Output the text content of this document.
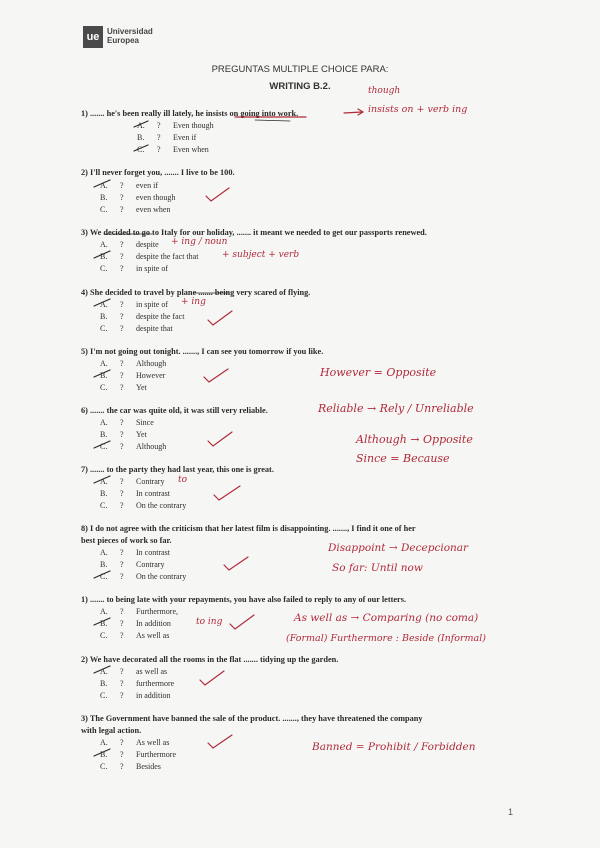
ue Universidad
Europea
PREGUNTAS MULTIPLE CHOICE PARA:
WRITING B.2.
1) ....... he's been really ill lately, he insists on going into work.
A.	? Even though
B.	? Even if
C.	? Even when
2) I'll never forget you, ....... I live to be 100.
A.	? even if
B.	? even though
C.	? even when
3) We decided to go to Italy for our holiday, ....... it meant we needed to get our passports renewed.
A.	? despite
B.	? despite the fact that
C.	? in spite of
4) She decided to travel by plane ....... being very scared of flying.
A.	? in spite of
B.	? despite the fact
C.	? despite that
5) I'm not going out tonight. ......., I can see you tomorrow if you like.
A.	? Although
B.	? However
C.	? Yet
6) ....... the car was quite old, it was still very reliable.
A.	? Since
B.	? Yet
C.	? Although
7) ....... to the party they had last year, this one is great.
A.	? Contrary
B.	? In contrast
C.	? On the contrary
8) I do not agree with the criticism that her latest film is disappointing. ......., I find it one of her
best pieces of work so far.
A.	? In contrast
B.	? Contrary
C.	? On the contrary
1) ....... to being late with your repayments, you have also failed to reply to any of our letters.
A.	? Furthermore,
B.	? In addition
C.	? As well as
2) We have decorated all the rooms in the flat ....... tidying up the garden.
A.	? as well as
B.	? furthermore
C.	? in addition
3) The Government have banned the sale of the product. ......., they have threatened the company
with legal action.
A.	? As well as
B.	? Furthermore
C.	? Besides
though
insists on + verb ing
+ ing / noun
+ subject + verb
+ ing
However = Opposite
Reliable → Rely / Unreliable
Although → Opposite
Since = Because
to
Disappoint → Decepcionar
So far: Until now
to ing	As well as → Comparing (no coma)
(Formal) Furthermore : Beside (Informal)
Banned = Prohibit / Forbidden
1
